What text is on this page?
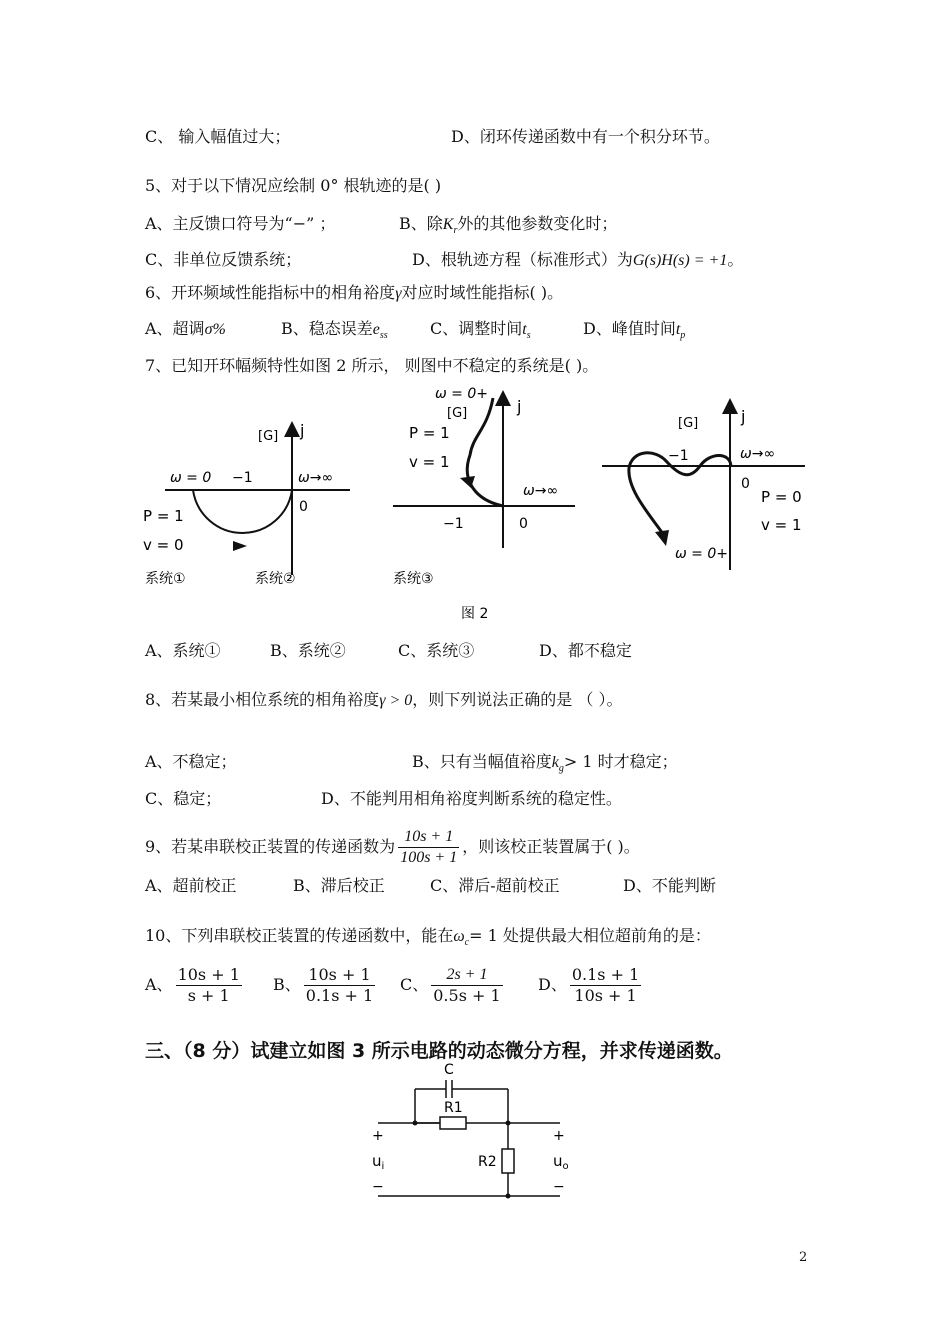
C、 输入幅值过大；	D、闭环传递函数中有一个积分环节。
5、对于以下情况应绘制 0° 根轨迹的是( )
A、主反馈口符号为“−” ；	B、除$K_r$外的其他参数变化时；
C、非单位反馈系统；	D、根轨迹方程（标准形式）为G(s)H(s) = +1。
6、开环频域性能指标中的相角裕度γ对应时域性能指标( )。
A、超调σ%	B、稳态误差$e_{ss}$	C、调整时间$t_s$	D、峰值时间$t_p$
7、已知开环幅频特性如图 2 所示， 则图中不稳定的系统是( )。
[G] j
ω = 0 −1	ω→∞
0
P = 1
v = 0
ω = 0+
[G]	j
P = 1
v = 1
ω→∞
−1	0
[G]	j
−1	ω→∞
0
P = 0
v = 1
ω = 0+
系统①	系统②	系统③
图 2
A、系统①	B、系统②	C、系统③	D、都不稳定
8、若某最小相位系统的相角裕度γ > 0，则下列说法正确的是 （ ）。
A、不稳定；	B、只有当幅值裕度$k_g> 1$ 时才稳定；
C、稳定；	D、不能判用相角裕度判断系统的稳定性。
9、若某串联校正装置的传递函数为 $\frac{10s + 1}{100s + 1}$ ，则该校正装置属于( )。
A、超前校正	B、滞后校正	C、滞后-超前校正	D、不能判断
10、下列串联校正装置的传递函数中，能在$\omega_c= 1$ 处提供最大相位超前角的是：
A、 $\frac{10s + 1}{s + 1}$ B、 $\frac{10s + 1}{0.1s + 1}$ C、 $\frac{2s + 1}{0.5s + 1}$ D、 $\frac{0.1s + 1}{10s + 1}$
三、（8 分）试建立如图 3 所示电路的动态微分方程，并求传递函数。
C
R1
R2
+	+
−	−
$u_i$	$u_o$
2
